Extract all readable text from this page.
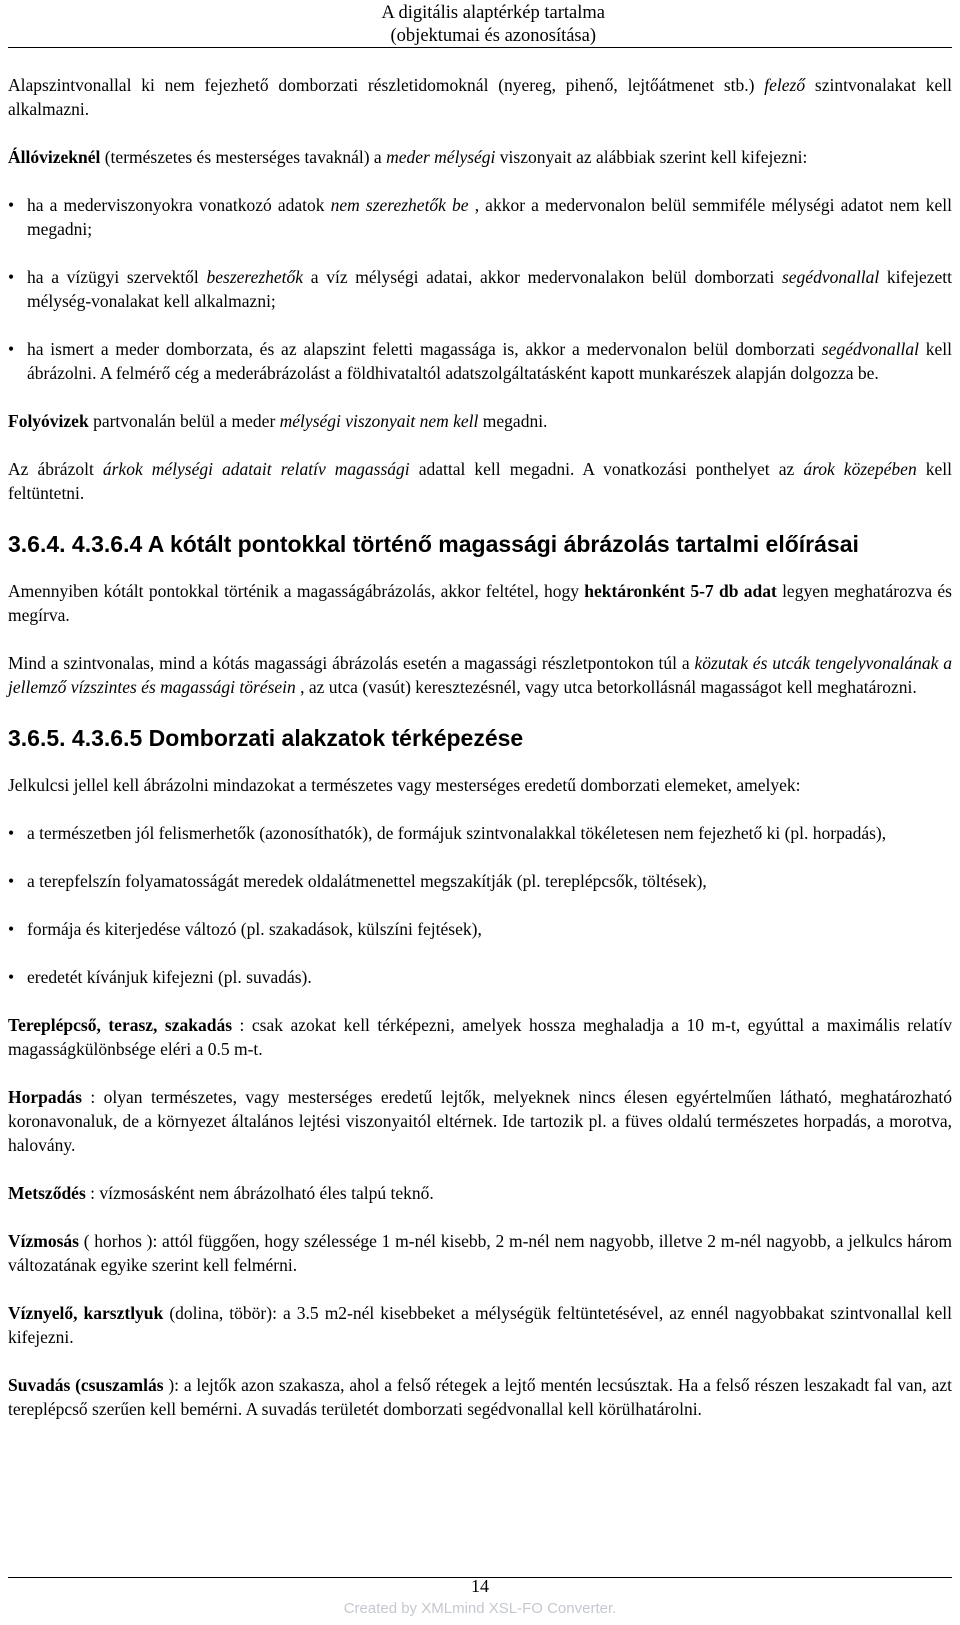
A digitális alaptérkép tartalma
(objektumai és azonosítása)

Alapszintvonallal ki nem fejezhető domborzati részletidomoknál (nyereg, pihenő, lejtőátmenet stb.) felező szintvonalakat kell alkalmazni.

Állóvizeknél (természetes és mesterséges tavaknál) a meder mélységi viszonyait az alábbiak szerint kell kifejezni:

• ha a mederviszonyokra vonatkozó adatok nem szerezhetők be , akkor a medervonalon belül semmiféle mélységi adatot nem kell megadni;
• ha a vízügyi szervektől beszerezhetők a víz mélységi adatai, akkor medervonalakon belül domborzati segédvonallal kifejezett mélység-vonalakat kell alkalmazni;
• ha ismert a meder domborzata, és az alapszint feletti magassága is, akkor a medervonalon belül domborzati segédvonallal kell ábrázolni. A felmérő cég a mederábrázolást a földhivataltól adatszolgáltatásként kapott munkarészek alapján dolgozza be.

Folyóvizek partvonalán belül a meder mélységi viszonyait nem kell megadni.

Az ábrázolt árkok mélységi adatait relatív magassági adattal kell megadni. A vonatkozási ponthelyet az árok közepében kell feltüntetni.

3.6.4. 4.3.6.4 A kótált pontokkal történő magassági ábrázolás tartalmi előírásai

Amennyiben kótált pontokkal történik a magasságábrázolás, akkor feltétel, hogy hektáronként 5-7 db adat legyen meghatározva és megírva.

Mind a szintvonalas, mind a kótás magassági ábrázolás esetén a magassági részletpontokon túl a közutak és utcák tengelyvonalának a jellemző vízszintes és magassági törésein , az utca (vasút) keresztezésnél, vagy utca betorkollásnál magasságot kell meghatározni.

3.6.5. 4.3.6.5 Domborzati alakzatok térképezése

Jelkulcsi jellel kell ábrázolni mindazokat a természetes vagy mesterséges eredetű domborzati elemeket, amelyek:

• a természetben jól felismerhetők (azonosíthatók), de formájuk szintvonalakkal tökéletesen nem fejezhető ki (pl. horpadás),
• a terepfelszín folyamatosságát meredek oldalátmenettel megszakítják (pl. tereplépcsők, töltések),
• formája és kiterjedése változó (pl. szakadások, külszíni fejtések),
• eredetét kívánjuk kifejezni (pl. suvadás).

Tereplépcső, terasz, szakadás : csak azokat kell térképezni, amelyek hossza meghaladja a 10 m-t, egyúttal a maximális relatív magasságkülönbsége eléri a 0.5 m-t.

Horpadás : olyan természetes, vagy mesterséges eredetű lejtők, melyeknek nincs élesen egyértelműen látható, meghatározható koronavonaluk, de a környezet általános lejtési viszonyaitól eltérnek. Ide tartozik pl. a füves oldalú természetes horpadás, a morotva, halovány.

Metsződés : vízmosásként nem ábrázolható éles talpú teknő.

Vízmosás ( horhos ): attól függően, hogy szélessége 1 m-nél kisebb, 2 m-nél nem nagyobb, illetve 2 m-nél nagyobb, a jelkulcs három változatának egyike szerint kell felmérni.

Víznyelő, karsztlyuk (dolina, töbör): a 3.5 m2-nél kisebbeket a mélységük feltüntetésével, az ennél nagyobbakat szintvonallal kell kifejezni.

Suvadás (csuszamlás ): a lejtők azon szakasza, ahol a felső rétegek a lejtő mentén lecsúsztak. Ha a felső részen leszakadt fal van, azt tereplépcső szerűen kell bemérni. A suvadás területét domborzati segédvonallal kell körülhatárolni.

14
Created by XMLmind XSL-FO Converter.
